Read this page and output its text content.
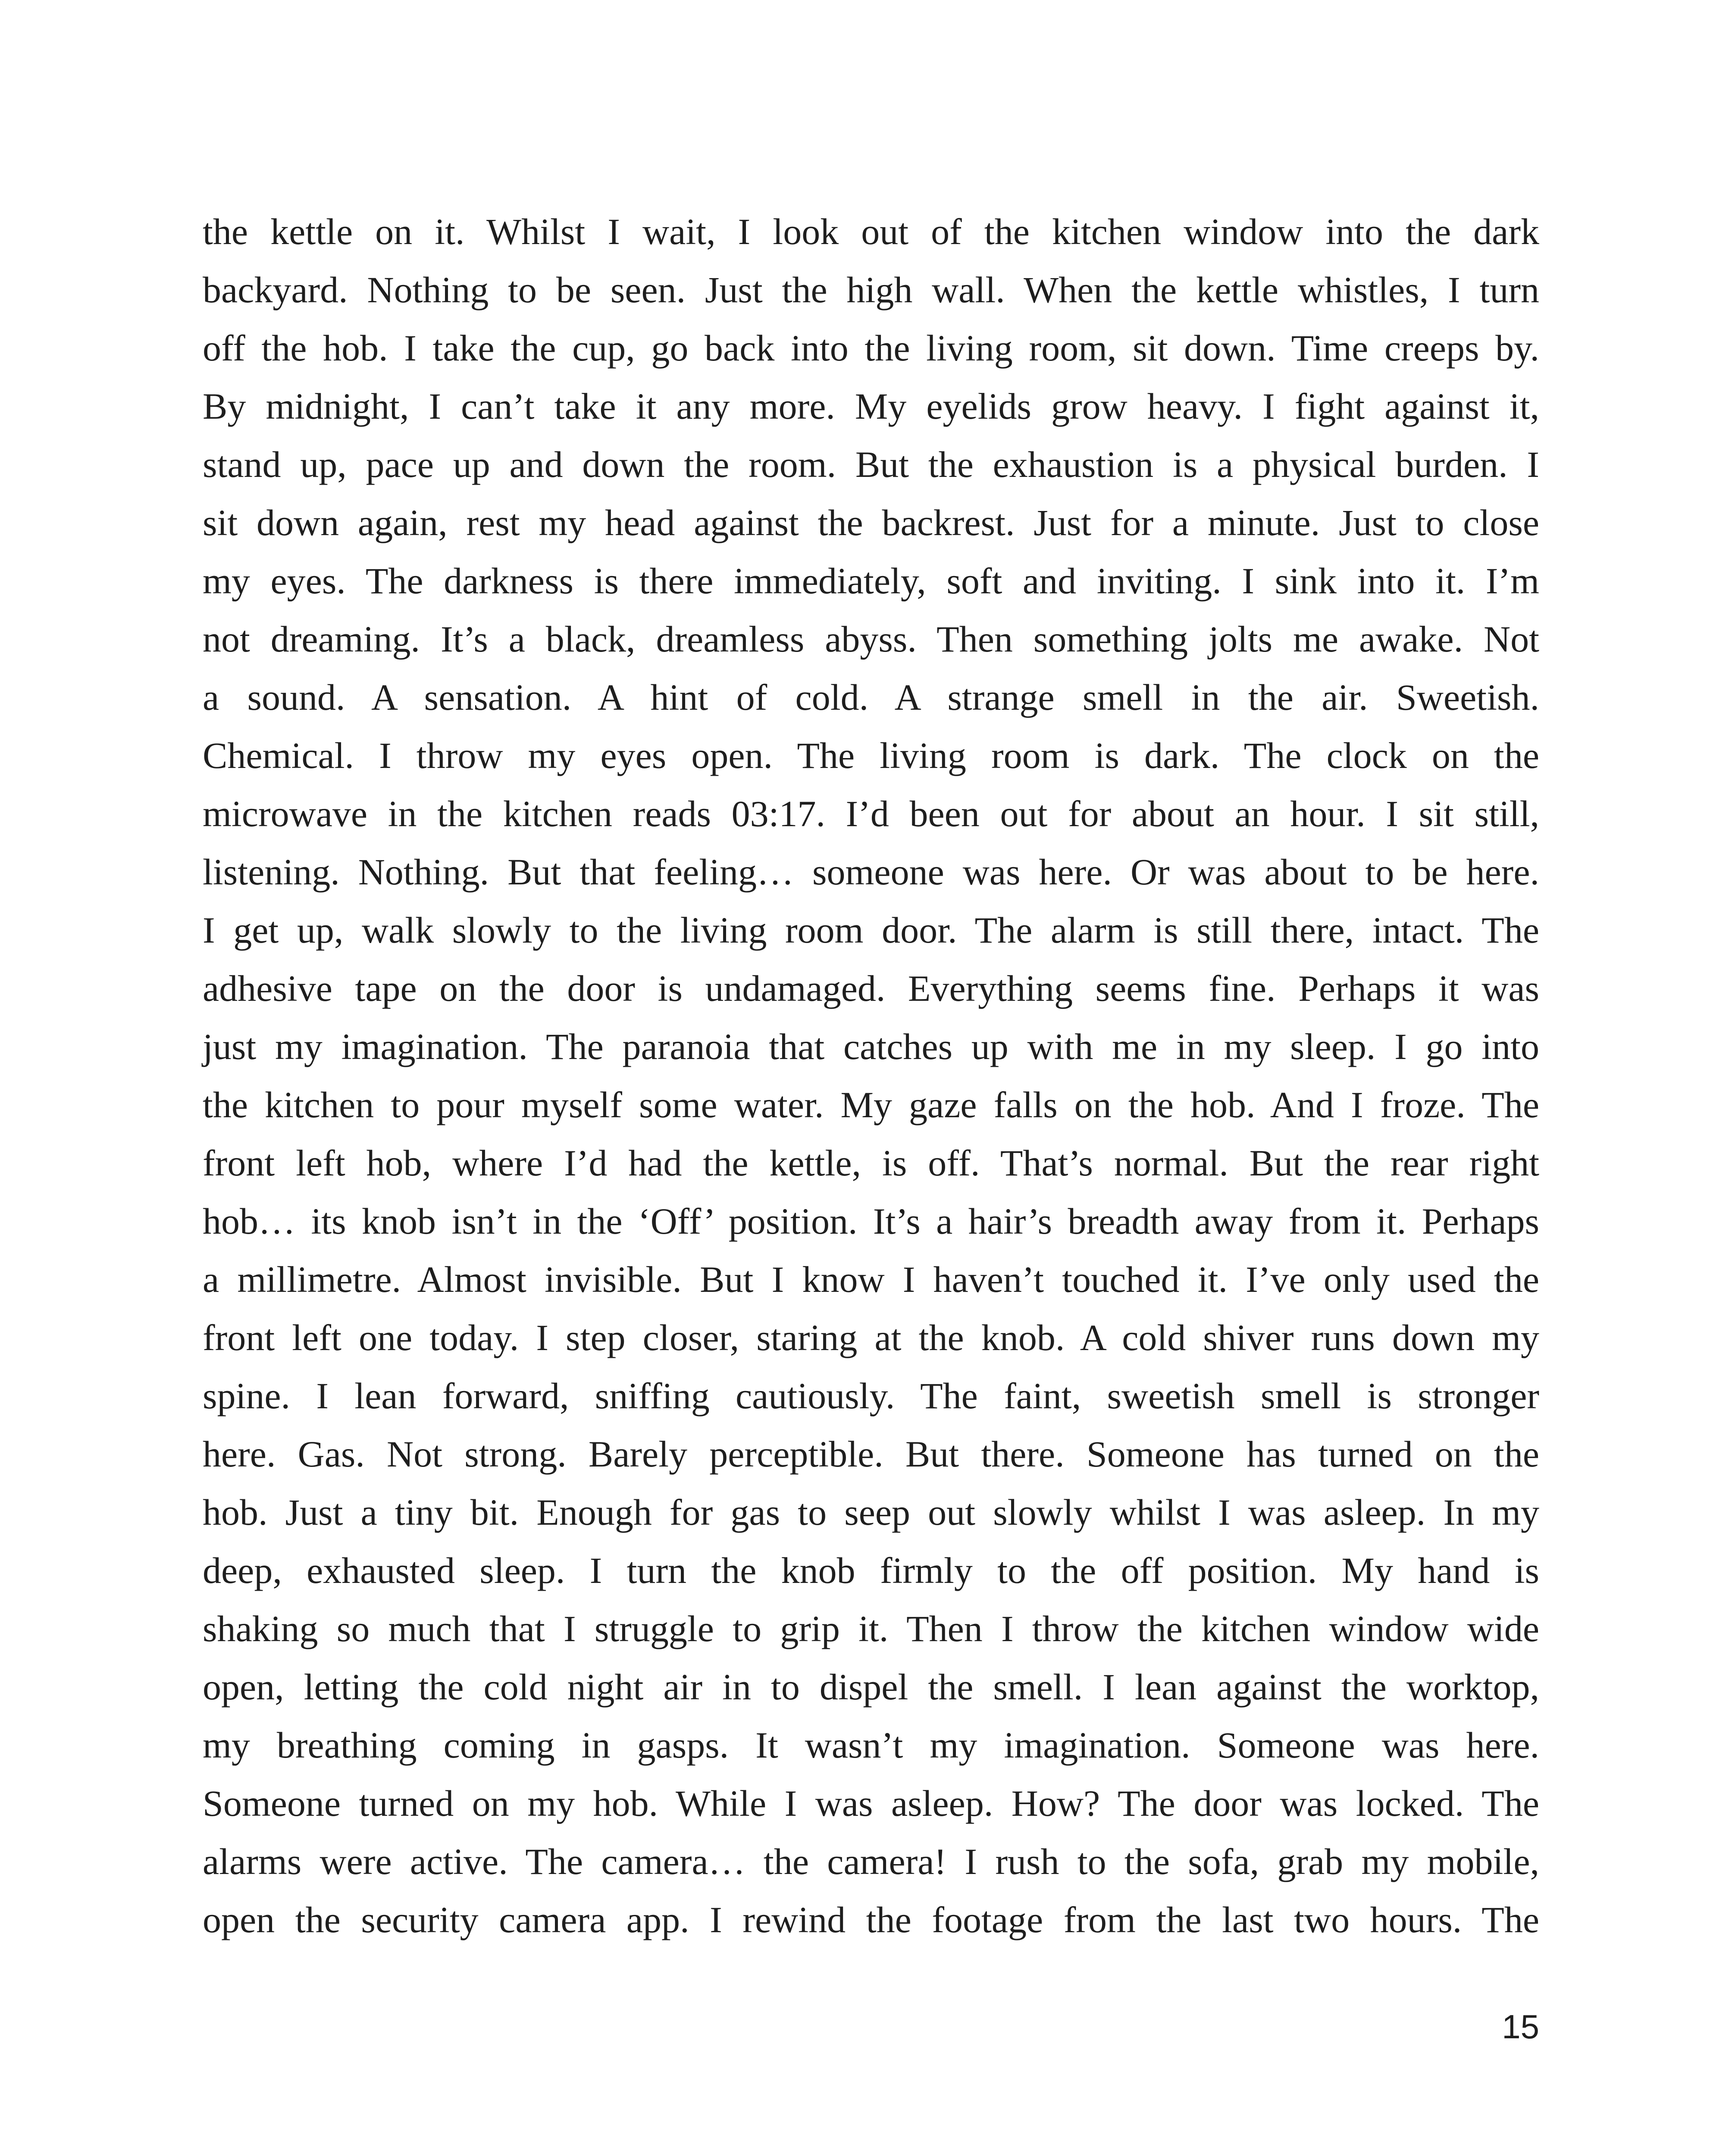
the kettle on it. Whilst I wait, I look out of the kitchen window into the dark
backyard. Nothing to be seen. Just the high wall. When the kettle whistles, I turn
off the hob. I take the cup, go back into the living room, sit down. Time creeps by.
By midnight, I can’t take it any more. My eyelids grow heavy. I fight against it,
stand up, pace up and down the room. But the exhaustion is a physical burden. I
sit down again, rest my head against the backrest. Just for a minute. Just to close
my eyes. The darkness is there immediately, soft and inviting. I sink into it. I’m
not dreaming. It’s a black, dreamless abyss. Then something jolts me awake. Not
a sound. A sensation. A hint of cold. A strange smell in the air. Sweetish.
Chemical. I throw my eyes open. The living room is dark. The clock on the
microwave in the kitchen reads 03:17. I’d been out for about an hour. I sit still,
listening. Nothing. But that feeling… someone was here. Or was about to be here.
I get up, walk slowly to the living room door. The alarm is still there, intact. The
adhesive tape on the door is undamaged. Everything seems fine. Perhaps it was
just my imagination. The paranoia that catches up with me in my sleep. I go into
the kitchen to pour myself some water. My gaze falls on the hob. And I froze. The
front left hob, where I’d had the kettle, is off. That’s normal. But the rear right
hob… its knob isn’t in the ‘Off’ position. It’s a hair’s breadth away from it. Perhaps
a millimetre. Almost invisible. But I know I haven’t touched it. I’ve only used the
front left one today. I step closer, staring at the knob. A cold shiver runs down my
spine. I lean forward, sniffing cautiously. The faint, sweetish smell is stronger
here. Gas. Not strong. Barely perceptible. But there. Someone has turned on the
hob. Just a tiny bit. Enough for gas to seep out slowly whilst I was asleep. In my
deep, exhausted sleep. I turn the knob firmly to the off position. My hand is
shaking so much that I struggle to grip it. Then I throw the kitchen window wide
open, letting the cold night air in to dispel the smell. I lean against the worktop,
my breathing coming in gasps. It wasn’t my imagination. Someone was here.
Someone turned on my hob. While I was asleep. How? The door was locked. The
alarms were active. The camera… the camera! I rush to the sofa, grab my mobile,
open the security camera app. I rewind the footage from the last two hours. The
15
